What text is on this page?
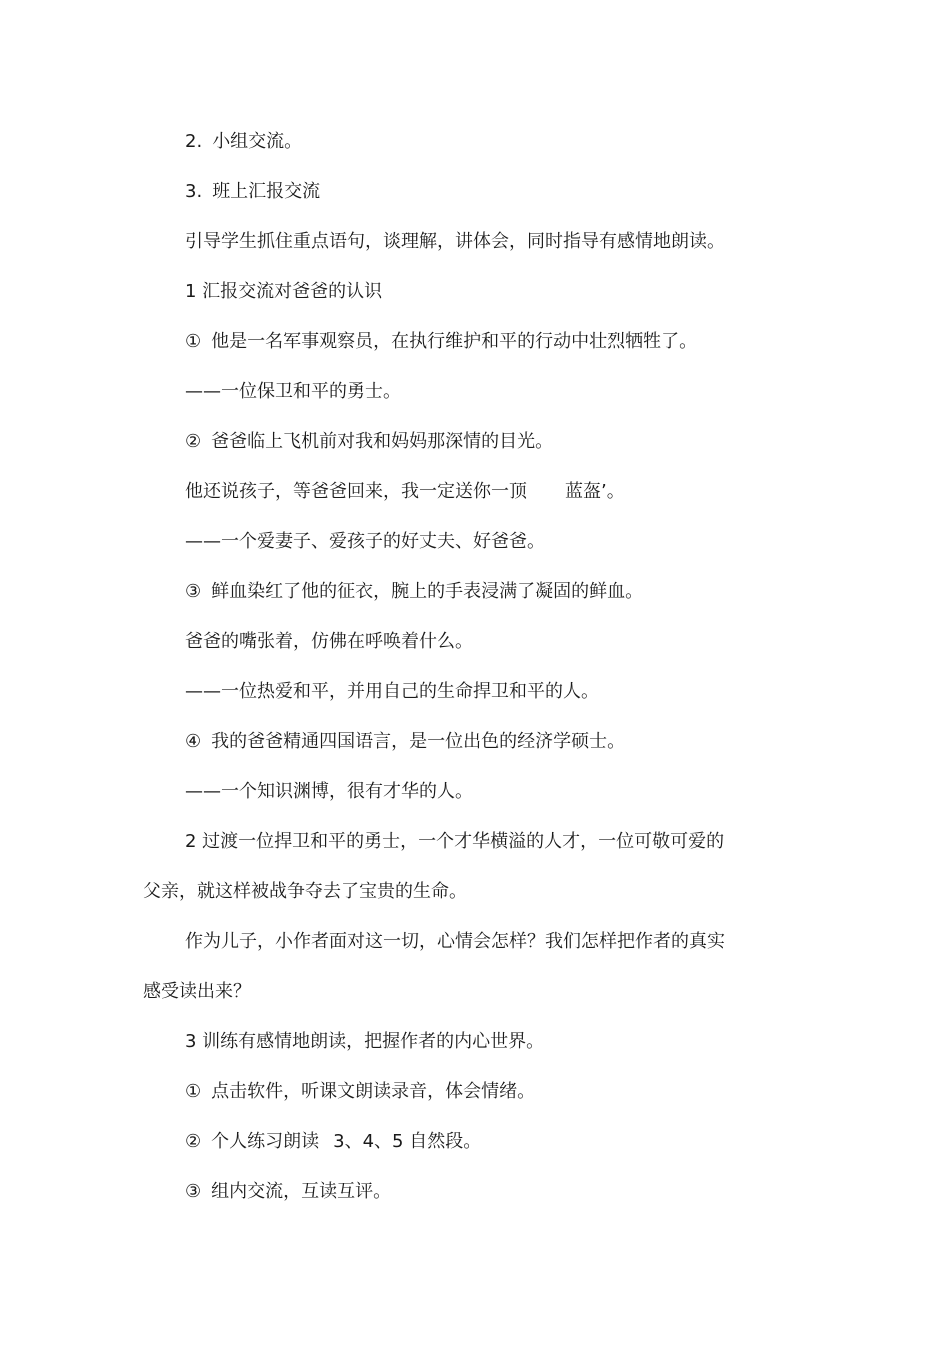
2. 小组交流。
3. 班上汇报交流
引导学生抓住重点语句，谈理解，讲体会，同时指导有感情地朗读。
1 汇报交流对爸爸的认识
① 他是一名军事观察员，在执行维护和平的行动中壮烈牺牲了。
——一位保卫和平的勇士。
② 爸爸临上飞机前对我和妈妈那深情的目光。
他还说孩子，等爸爸回来，我一定送你一顶 蓝盔’。
——一个爱妻子、爱孩子的好丈夫、好爸爸。
③ 鲜血染红了他的征衣，腕上的手表浸满了凝固的鲜血。
爸爸的嘴张着，仿佛在呼唤着什么。
——一位热爱和平，并用自己的生命捍卫和平的人。
④ 我的爸爸精通四国语言，是一位出色的经济学硕士。
——一个知识渊博，很有才华的人。
2 过渡一位捍卫和平的勇士，一个才华横溢的人才，一位可敬可爱的
父亲，就这样被战争夺去了宝贵的生命。
作为儿子，小作者面对这一切，心情会怎样？我们怎样把作者的真实
感受读出来？
3 训练有感情地朗读，把握作者的内心世界。
① 点击软件，听课文朗读录音，体会情绪。
② 个人练习朗读 3、4、5 自然段。
③ 组内交流，互读互评。
